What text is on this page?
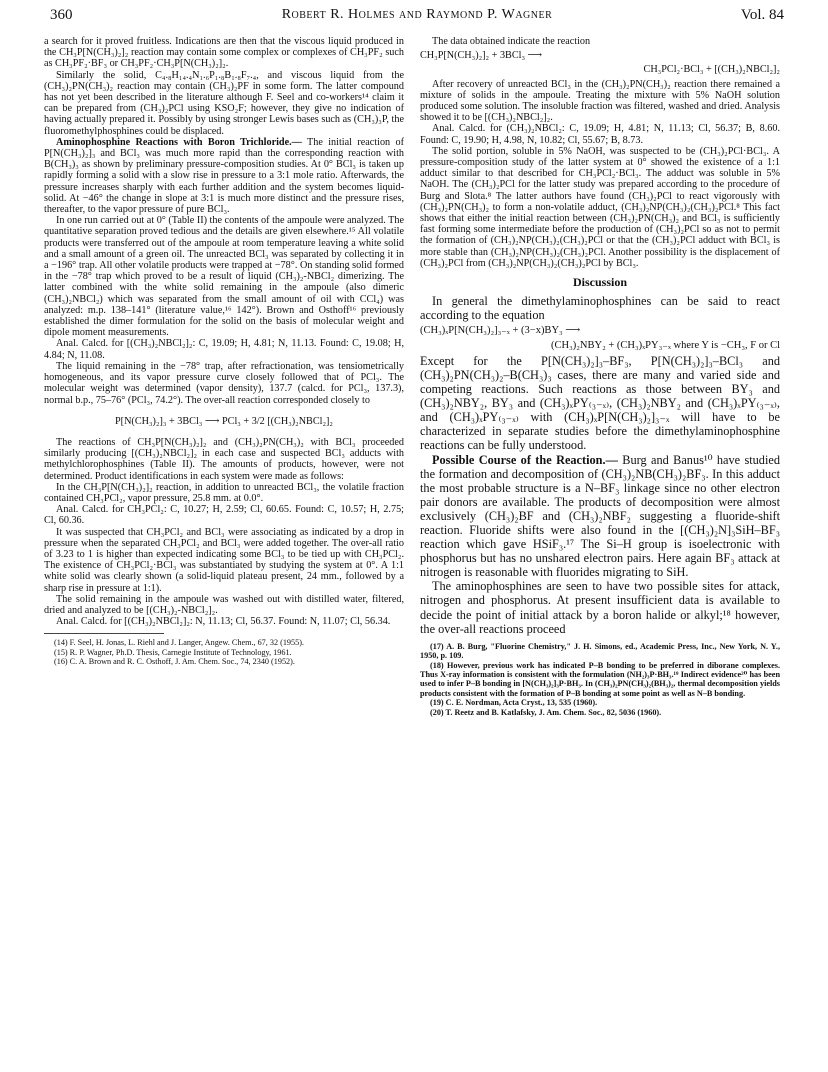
360	Robert R. Holmes and Raymond P. Wagner	Vol. 84

a search for it proved fruitless. Indications are then that the viscous liquid produced in the CH₃P[N(CH₃)₂]₂ reaction may contain some complex or complexes of CH₃PF₂ such as CH₃PF₂·BF₃ or CH₃PF₂·CH₃P[N(CH₃)₂]₂.

Similarly the solid, C₄.₈H₁₄.₄N₁.₆P₁.₈B₁.₈F₇.₄, and viscous liquid from the (CH₃)₂PN(CH₃)₂ reaction may contain (CH₃)₂PF in some form. The latter compound has not yet been described in the literature although F. Seel and co-workers¹⁴ claim it can be prepared from (CH₃)₂PCl using KSO₂F; however, they give no indication of having actually prepared it. Possibly by using stronger Lewis bases such as (CH₃)₃P, the fluoromethylphosphines could be displaced.

Aminophosphine Reactions with Boron Trichloride.— The initial reaction of P[N(CH₃)₂]₃ and BCl₃ was much more rapid than the corresponding reaction with B(CH₃)₃ as shown by preliminary pressure-composition studies. At 0° BCl₃ is taken up rapidly forming a solid with a slow rise in pressure to a 3:1 mole ratio. Afterwards, the pressure increases sharply with each further addition and the system becomes liquid-solid. At −46° the change in slope at 3:1 is much more distinct and the pressure rises, thereafter, to the vapor pressure of pure BCl₃.

In one run carried out at 0° (Table II) the contents of the ampoule were analyzed. The quantitative separation proved tedious and the details are given elsewhere.¹⁵ All volatile products were transferred out of the ampoule at room temperature leaving a white solid and a small amount of a green oil. The unreacted BCl₃ was separated by collecting it in a −196° trap. All other volatile products were trapped at −78°. On standing solid formed in the −78° trap which proved to be a result of liquid (CH₃)₂-NBCl₂ dimerizing. The latter combined with the white solid remaining in the ampoule (also dimeric (CH₃)₂NBCl₂) which was separated from the small amount of oil with CCl₄) was analyzed: m.p. 138–141° (literature value,¹⁶ 142°). Brown and Osthoff¹⁶ previously established the dimer formulation for the solid on the basis of molecular weight and dipole moment measurements.

Anal. Calcd. for [(CH₃)₂NBCl₂]₂: C, 19.09; H, 4.81; N, 11.13. Found: C, 19.08; H, 4.84; N, 11.08.

The liquid remaining in the −78° trap, after refractionation, was tensiometrically homogeneous, and its vapor pressure curve closely followed that of PCl₃. The molecular weight was determined (vapor density), 137.7 (calcd. for PCl₃, 137.3), normal b.p., 75–76° (PCl₃, 74.2°). The over-all reaction corresponded closely to

P[N(CH₃)₂]₃ + 3BCl₃ ⟶ PCl₃ + 3/2 [(CH₃)₂NBCl₂]₂

The reactions of CH₃P[N(CH₃)₂]₂ and (CH₃)₂PN(CH₃)₂ with BCl₃ proceeded similarly producing [(CH₃)₂NBCl₂]₂ in each case and suspected BCl₃ adducts with methylchlorophosphines (Table II). The amounts of products, however, were not determined. Product identifications in each system were made as follows:

In the CH₃P[N(CH₃)₂]₂ reaction, in addition to unreacted BCl₃, the volatile fraction contained CH₃PCl₂, vapor pressure, 25.8 mm. at 0.0°.

Anal. Calcd. for CH₃PCl₂: C, 10.27; H, 2.59; Cl, 60.65. Found: C, 10.57; H, 2.75; Cl, 60.36.

It was suspected that CH₃PCl₂ and BCl₃ were associating as indicated by a drop in pressure when the separated CH₃PCl₂ and BCl₃ were added together. The over-all ratio of 3.23 to 1 is higher than expected indicating some BCl₃ to be tied up with CH₃PCl₂. The existence of CH₃PCl₂·BCl₃ was substantiated by studying the system at 0°. A 1:1 white solid was clearly shown (a solid-liquid plateau present, 24 mm., followed by a sharp rise in pressure at 1:1).

The solid remaining in the ampoule was washed out with distilled water, filtered, dried and analyzed to be [(CH₃)₂-NBCl₂]₂.

Anal. Calcd. for [(CH₃)₂NBCl₂]₂: N, 11.13; Cl, 56.37. Found: N, 11.07; Cl, 56.34.

(14) F. Seel, H. Jonas, L. Riehl and J. Langer, Angew. Chem., 67, 32 (1955).

(15) R. P. Wagner, Ph.D. Thesis, Carnegie Institute of Technology, 1961.

(16) C. A. Brown and R. C. Osthoff, J. Am. Chem. Soc., 74, 2340 (1952).

The data obtained indicate the reaction

CH₃P[N(CH₃)₂]₂ + 3BCl₃ ⟶
CH₃PCl₂·BCl₃ + [(CH₃)₂NBCl₂]₂

After recovery of unreacted BCl₃ in the (CH₃)₂PN(CH₃)₂ reaction there remained a mixture of solids in the ampoule. Treating the mixture with 5% NaOH solution produced some solution. The insoluble fraction was filtered, washed and dried. Analysis showed it to be [(CH₃)₂NBCl₂]₂.

Anal. Calcd. for (CH₃)₂NBCl₂: C, 19.09; H, 4.81; N, 11.13; Cl, 56.37; B, 8.60. Found: C, 19.90; H, 4.98, N, 10.82; Cl, 55.67; B, 8.73.

The solid portion, soluble in 5% NaOH, was suspected to be (CH₃)₂PCl·BCl₃. A pressure-composition study of the latter system at 0° showed the existence of a 1:1 adduct similar to that described for CH₃PCl₂·BCl₃. The adduct was soluble in 5% NaOH. The (CH₃)₂PCl for the latter study was prepared according to the procedure of Burg and Slota.⁸ The latter authors have found (CH₃)₂PCl to react vigorously with (CH₃)₂PN(CH₃)₂ to form a non-volatile adduct, (CH₃)₂NP(CH₃)₂(CH₃)₂PCl.⁸ This fact shows that either the initial reaction between (CH₃)₂PN(CH₃)₂ and BCl₃ is sufficiently fast forming some intermediate before the production of (CH₃)₂PCl so as not to permit the formation of (CH₃)₂NP(CH₃)₂(CH₃)₂PCl or that the (CH₃)₂PCl adduct with BCl₃ is more stable than (CH₃)₂NP(CH₃)₂(CH₃)₂PCl. Another possibility is the displacement of (CH₃)₂PCl from (CH₃)₂NP(CH₃)₂(CH₃)₂PCl by BCl₃.

Discussion

In general the dimethylaminophosphines can be said to react according to the equation

(CH₃)ₓP[N(CH₃)₂]₃₋ₓ + (3−x)BY₃ ⟶
(CH₃)₂NBY₂ + (CH₃)ₓPY₃₋ₓ where Y is −CH₃, F or Cl

Except for the P[N(CH₃)₂]₃–BF₃, P[N(CH₃)₂]₃–BCl₃ and (CH₃)₂PN(CH₃)₂–B(CH₃)₃ cases, there are many and varied side and competing reactions. Such reactions as those between BY₃ and (CH₃)₂NBY₂, BY₃ and (CH₃)ₓPY₍₃₋ₓ₎, (CH₃)₂NBY₂ and (CH₃)ₓPY₍₃₋ₓ₎, and (CH₃)ₓPY₍₃₋ₓ₎ with (CH₃)ₓP[N(CH₃)₂]₃₋ₓ will have to be characterized in separate studies before the dimethylaminophosphine reactions can be fully understood.

Possible Course of the Reaction.— Burg and Banus¹⁰ have studied the formation and decomposition of (CH₃)₂NB(CH₃)₂BF₃. In this adduct the most probable structure is a N–BF₃ linkage since no other electron pair donors are available. The products of decomposition were almost exclusively (CH₃)₂BF and (CH₃)₂NBF₂ suggesting a fluoride-shift reaction. Fluoride shifts were also found in the [(CH₃)₂N]₃SiH–BF₃ reaction which gave HSiF₃.¹⁷ The Si–H group is isoelectronic with phosphorus but has no unshared electron pairs. Here again BF₃ attack at nitrogen is reasonable with fluorides migrating to SiH.

The aminophosphines are seen to have two possible sites for attack, nitrogen and phosphorus. At present insufficient data is available to decide the point of initial attack by a boron halide or alkyl;¹⁸ however, the over-all reactions proceed

(17) A. B. Burg, "Fluorine Chemistry," J. H. Simons, ed., Academic Press, Inc., New York, N. Y., 1950, p. 109.

(18) However, previous work has indicated P–B bonding to be preferred in diborane complexes. Thus X-ray information is consistent with the formulation (NH₂)₃P·BH₃.¹⁹ Indirect evidence²⁰ has been used to infer P–B bonding in [N(CH₃)₂]₃P·BH₃. In (CH₃)₂PN(CH₃)₂(BH₃)₂, thermal decomposition yields products consistent with the formation of P–B bonding at some point as well as N–B bonding.

(19) C. E. Nordman, Acta Cryst., 13, 535 (1960).

(20) T. Reetz and B. Katlafsky, J. Am. Chem. Soc., 82, 5036 (1960).
